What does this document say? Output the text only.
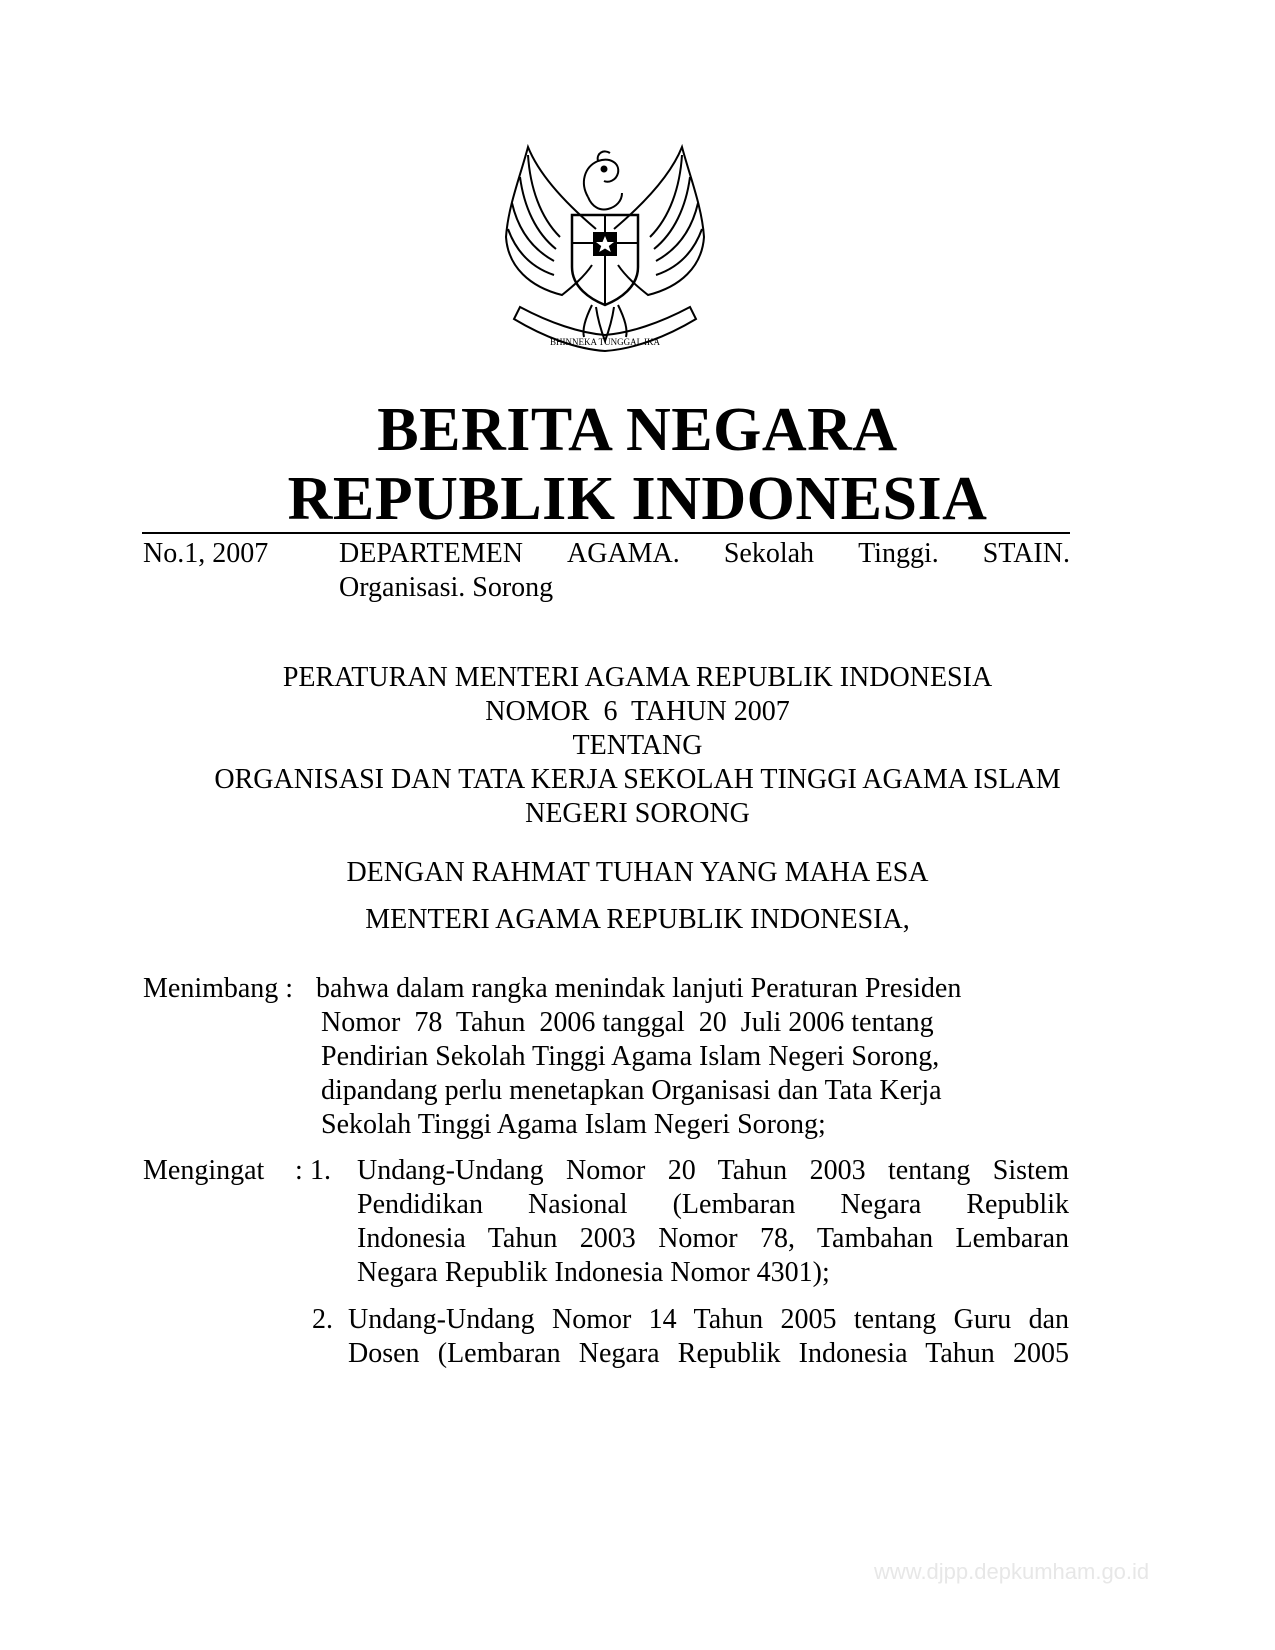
BHINNEKA TUNGGAL IKA
BERITA NEGARA
REPUBLIK INDONESIA
No.1, 2007	DEPARTEMEN AGAMA. Sekolah Tinggi. STAIN.
Organisasi. Sorong
PERATURAN MENTERI AGAMA REPUBLIK INDONESIA
NOMOR  6  TAHUN 2007
TENTANG
ORGANISASI DAN TATA KERJA SEKOLAH TINGGI AGAMA ISLAM
NEGERI SORONG
DENGAN RAHMAT TUHAN YANG MAHA ESA
MENTERI AGAMA REPUBLIK INDONESIA,
Menimbang : bahwa dalam rangka menindak lanjuti Peraturan Presiden
Nomor  78  Tahun  2006 tanggal  20  Juli 2006 tentang
Pendirian Sekolah Tinggi Agama Islam Negeri Sorong,
dipandang perlu menetapkan Organisasi dan Tata Kerja
Sekolah Tinggi Agama Islam Negeri Sorong;
Mengingat : 1. Undang-Undang Nomor 20 Tahun 2003 tentang Sistem
Pendidikan Nasional (Lembaran Negara Republik
Indonesia Tahun 2003 Nomor 78, Tambahan Lembaran
Negara Republik Indonesia Nomor 4301);
2. Undang-Undang Nomor 14 Tahun 2005 tentang Guru dan
Dosen (Lembaran Negara Republik Indonesia Tahun 2005
www.djpp.depkumham.go.id
